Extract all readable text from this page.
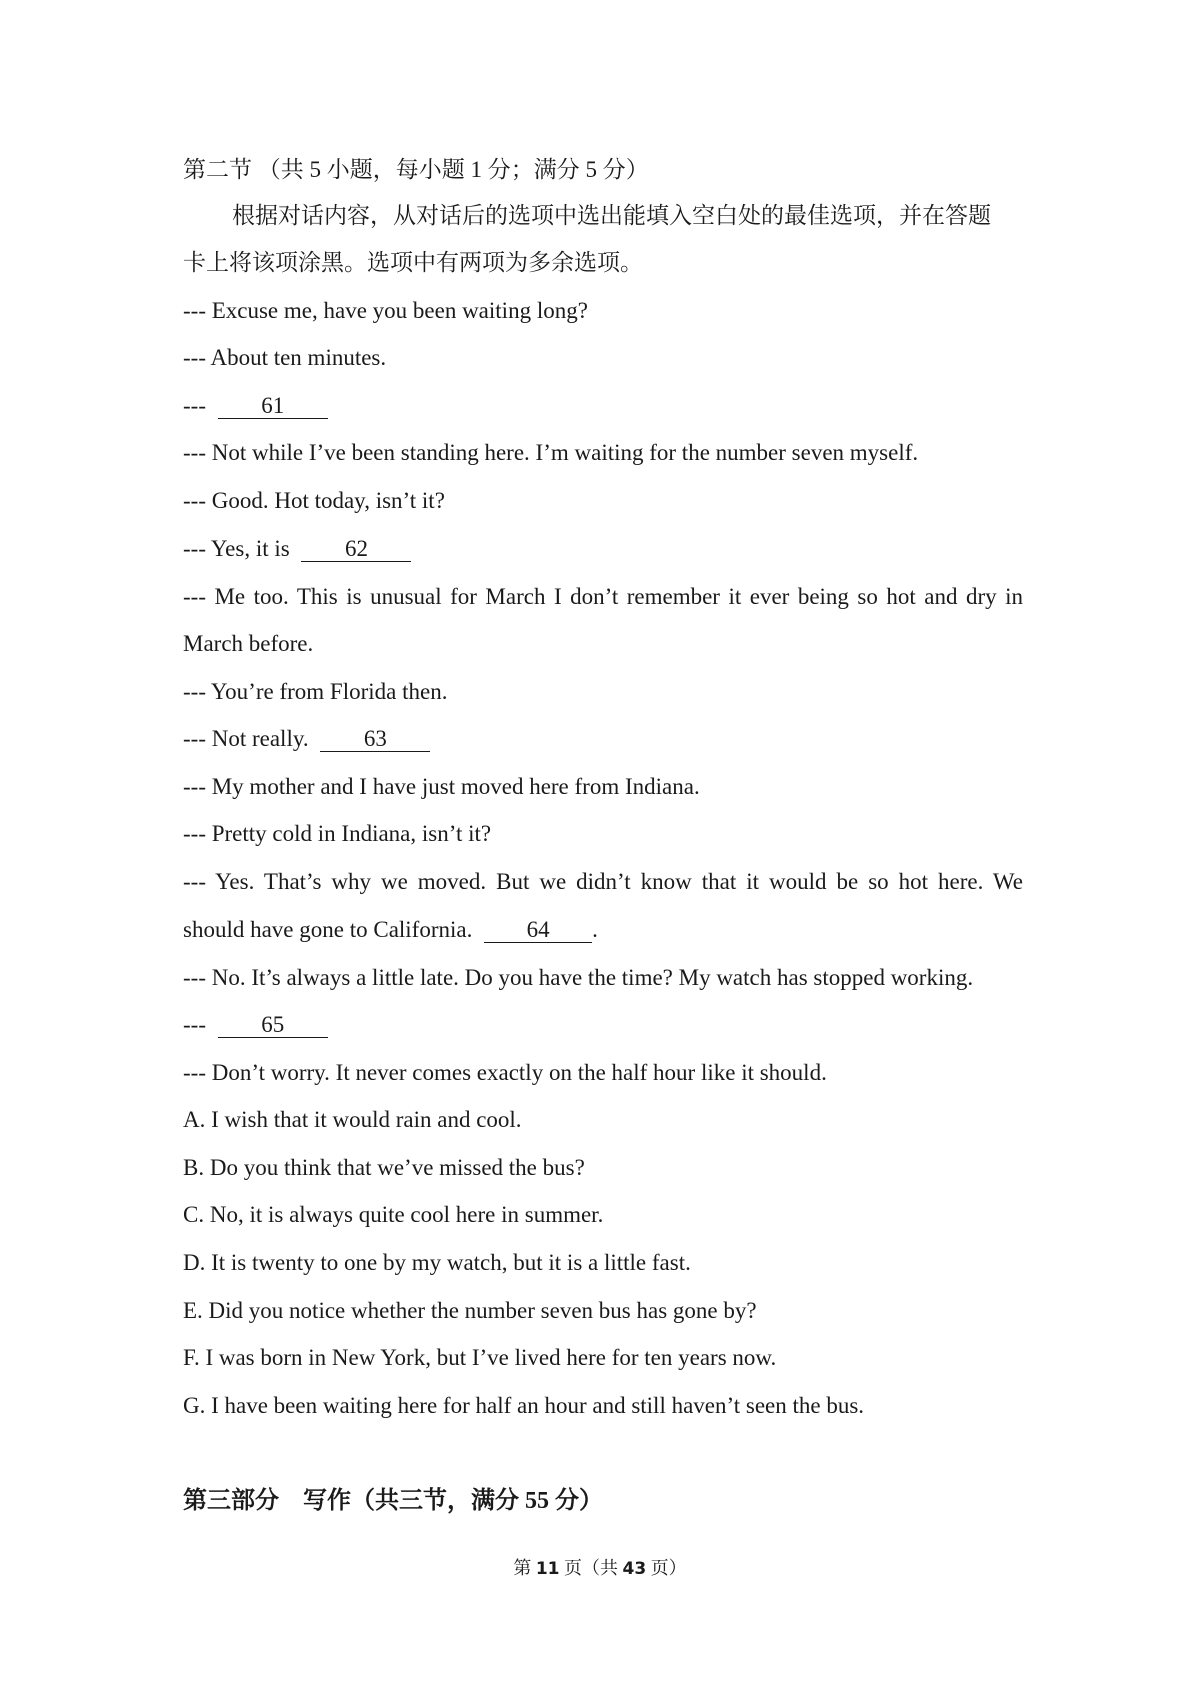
第二节 （共 5 小题，每小题 1 分；满分 5 分）
根据对话内容，从对话后的选项中选出能填入空白处的最佳选项，并在答题
卡上将该项涂黑。选项中有两项为多余选项。
--- Excuse me, have you been waiting long?
--- About ten minutes.
--- 61
--- Not while I’ve been standing here. I’m waiting for the number seven myself.
--- Good. Hot today, isn’t it?
--- Yes, it is 62
--- Me too. This is unusual for March I don’t remember it ever being so hot and dry in
March before.
--- You’re from Florida then.
--- Not really. 63
--- My mother and I have just moved here from Indiana.
--- Pretty cold in Indiana, isn’t it?
--- Yes. That’s why we moved. But we didn’t know that it would be so hot here. We
should have gone to California. 64 .
--- No. It’s always a little late. Do you have the time? My watch has stopped working.
--- 65
--- Don’t worry. It never comes exactly on the half hour like it should.
A. I wish that it would rain and cool.
B. Do you think that we’ve missed the bus?
C. No, it is always quite cool here in summer.
D. It is twenty to one by my watch, but it is a little fast.
E. Did you notice whether the number seven bus has gone by?
F. I was born in New York, but I’ve lived here for ten years now.
G. I have been waiting here for half an hour and still haven’t seen the bus.
第三部分　写作（共三节，满分 55 分）
第 11 页（共 43 页）
